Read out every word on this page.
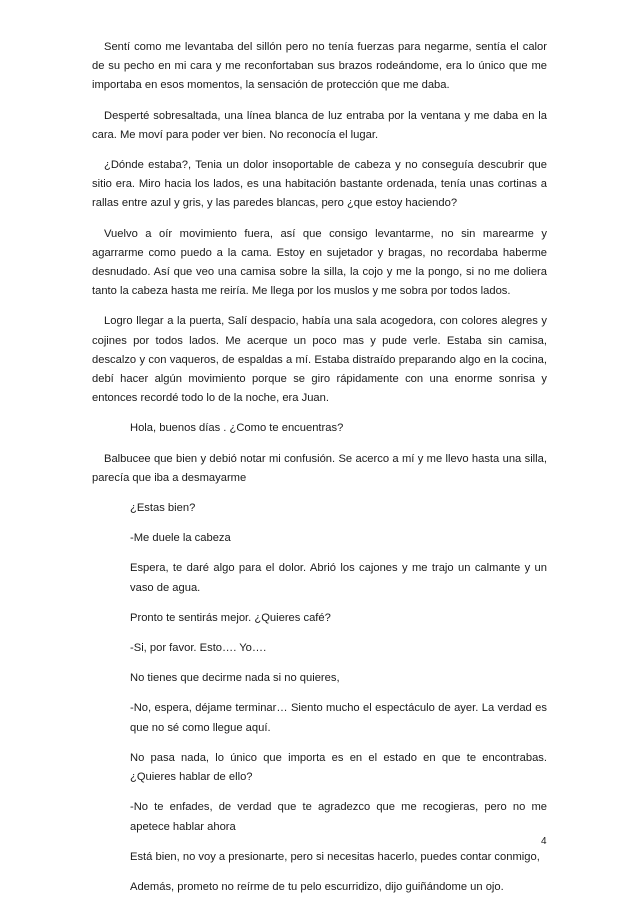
Sentí como me levantaba del sillón pero no tenía fuerzas para negarme, sentía el calor de su pecho en mi cara y me reconfortaban sus brazos rodeándome, era lo único que me importaba en esos momentos, la sensación de protección que me daba.

Desperté sobresaltada, una línea blanca de luz entraba por la ventana y me daba en la cara. Me moví para poder ver bien. No reconocía el lugar.

¿Dónde estaba?, Tenia un dolor insoportable de cabeza y no conseguía descubrir que sitio era. Miro hacia los lados, es una habitación bastante ordenada, tenía unas cortinas a rallas entre azul y gris, y las paredes blancas, pero ¿que estoy haciendo?

Vuelvo a oír movimiento fuera, así que consigo levantarme, no sin marearme y agarrarme como puedo a la cama. Estoy en sujetador y bragas, no recordaba haberme desnudado. Así que veo una camisa sobre la silla, la cojo y me la pongo, si no me doliera tanto la cabeza hasta me reiría. Me llega por los muslos y me sobra por todos lados.

Logro llegar a la puerta, Salí despacio, había una sala acogedora, con colores alegres y cojines por todos lados. Me acerque un poco mas y pude verle. Estaba sin camisa, descalzo y con vaqueros, de espaldas a mí. Estaba distraído preparando algo en la cocina, debí hacer algún movimiento porque se giro rápidamente con una enorme sonrisa y entonces recordé todo lo de la noche, era Juan.

Hola, buenos días . ¿Como te encuentras?

Balbucee que bien y debió notar mi confusión. Se acerco a mí y me llevo hasta una silla, parecía que iba a desmayarme

¿Estas bien?

-Me duele la cabeza

Espera, te daré algo para el dolor. Abrió los cajones y me trajo un calmante y un vaso de agua.

Pronto te sentirás mejor. ¿Quieres café?

-Si, por favor. Esto…. Yo….

No tienes que decirme nada si no quieres,

-No, espera, déjame terminar… Siento mucho el espectáculo de ayer. La verdad es que no sé como llegue aquí.

No pasa nada, lo único que importa es en el estado en que te encontrabas. ¿Quieres hablar de ello?

-No te enfades, de verdad que te agradezco que me recogieras, pero no me apetece hablar ahora

Está bien, no voy a presionarte, pero si necesitas hacerlo, puedes contar conmigo,

Además, prometo no reírme de tu pelo escurridizo, dijo guiñándome un ojo.

4
